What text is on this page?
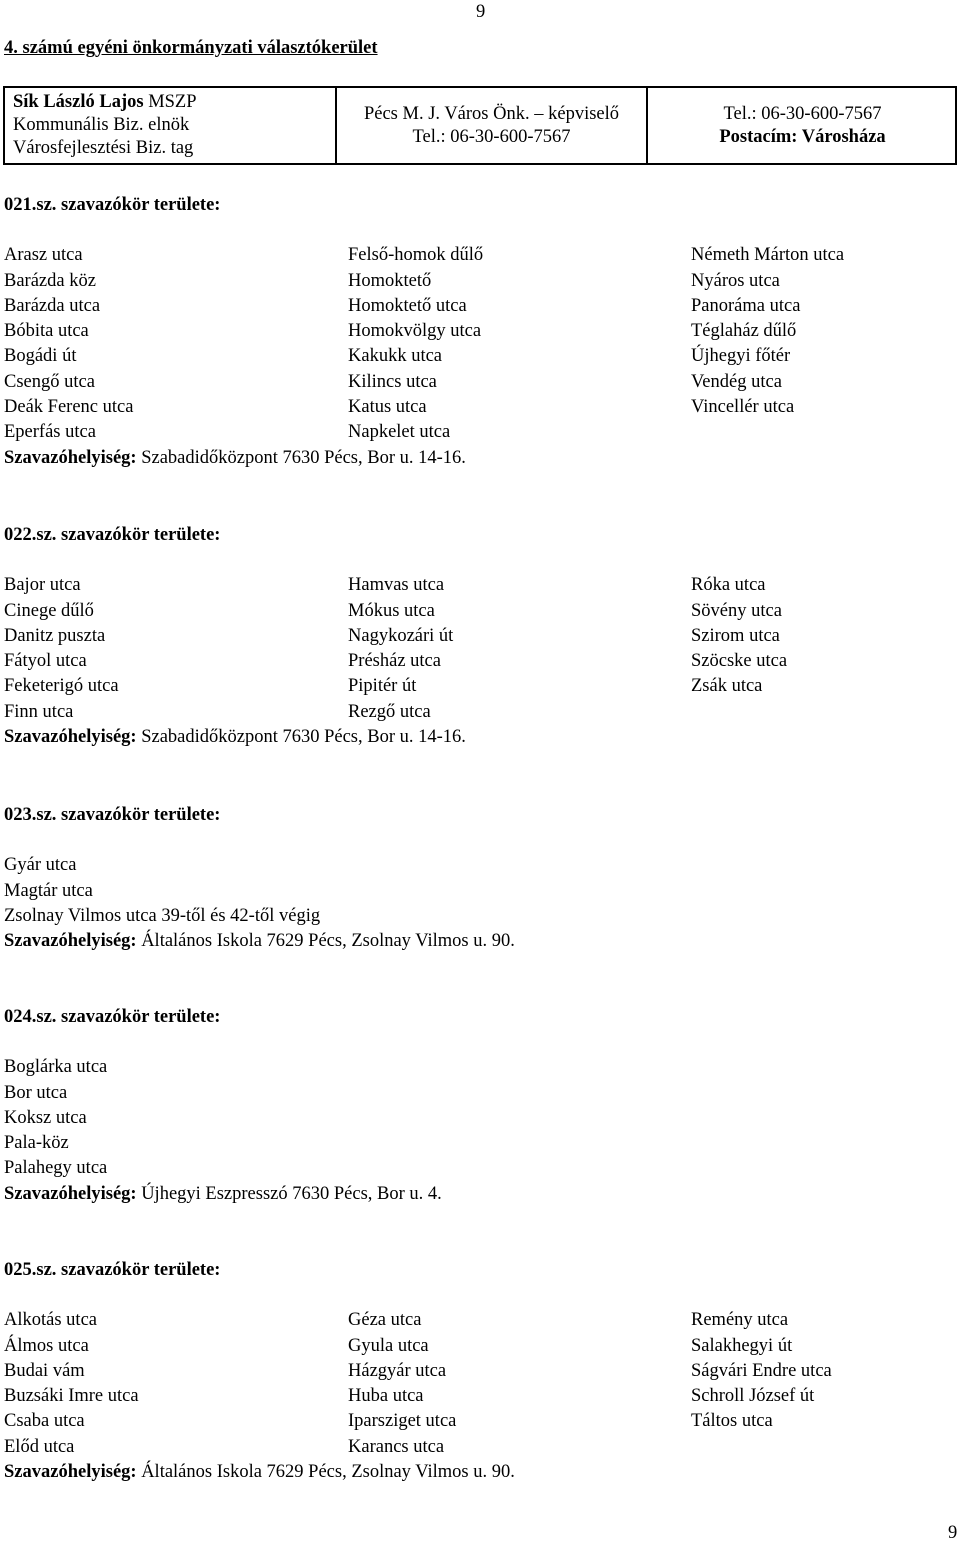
9
4. számú egyéni önkormányzati választókerület
Sík László Lajos MSZP
Kommunális Biz. elnök
Városfejlesztési Biz. tag
Pécs M. J. Város Önk. – képviselő
Tel.: 06-30-600-7567
Tel.: 06-30-600-7567
Postacím: Városháza
021.sz. szavazókör területe:
Arasz utca	Felső-homok dűlő	Németh Márton utca
Barázda köz	Homoktető	Nyáros utca
Barázda utca	Homoktető utca	Panoráma utca
Bóbita utca	Homokvölgy utca	Téglaház dűlő
Bogádi út	Kakukk utca	Újhegyi főtér
Csengő utca	Kilincs utca	Vendég utca
Deák Ferenc utca	Katus utca	Vincellér utca
Eperfás utca	Napkelet utca
Szavazóhelyiség: Szabadidőközpont 7630 Pécs, Bor u. 14-16.
022.sz. szavazókör területe:
Bajor utca	Hamvas utca	Róka utca
Cinege dűlő	Mókus utca	Sövény utca
Danitz puszta	Nagykozári út	Szirom utca
Fátyol utca	Présház utca	Szöcske utca
Feketerigó utca	Pipitér út	Zsák utca
Finn utca	Rezgő utca
Szavazóhelyiség: Szabadidőközpont 7630 Pécs, Bor u. 14-16.
023.sz. szavazókör területe:
Gyár utca
Magtár utca
Zsolnay Vilmos utca 39-től és 42-től végig
Szavazóhelyiség: Általános Iskola 7629 Pécs, Zsolnay Vilmos u. 90.
024.sz. szavazókör területe:
Boglárka utca
Bor utca
Koksz utca
Pala-köz
Palahegy utca
Szavazóhelyiség: Újhegyi Eszpresszó 7630 Pécs, Bor u. 4.
025.sz. szavazókör területe:
Alkotás utca	Géza utca	Remény utca
Álmos utca	Gyula utca	Salakhegyi út
Budai vám	Házgyár utca	Ságvári Endre utca
Buzsáki Imre utca	Huba utca	Schroll József út
Csaba utca	Iparsziget utca	Táltos utca
Előd utca	Karancs utca
Szavazóhelyiség: Általános Iskola 7629 Pécs, Zsolnay Vilmos u. 90.
9
